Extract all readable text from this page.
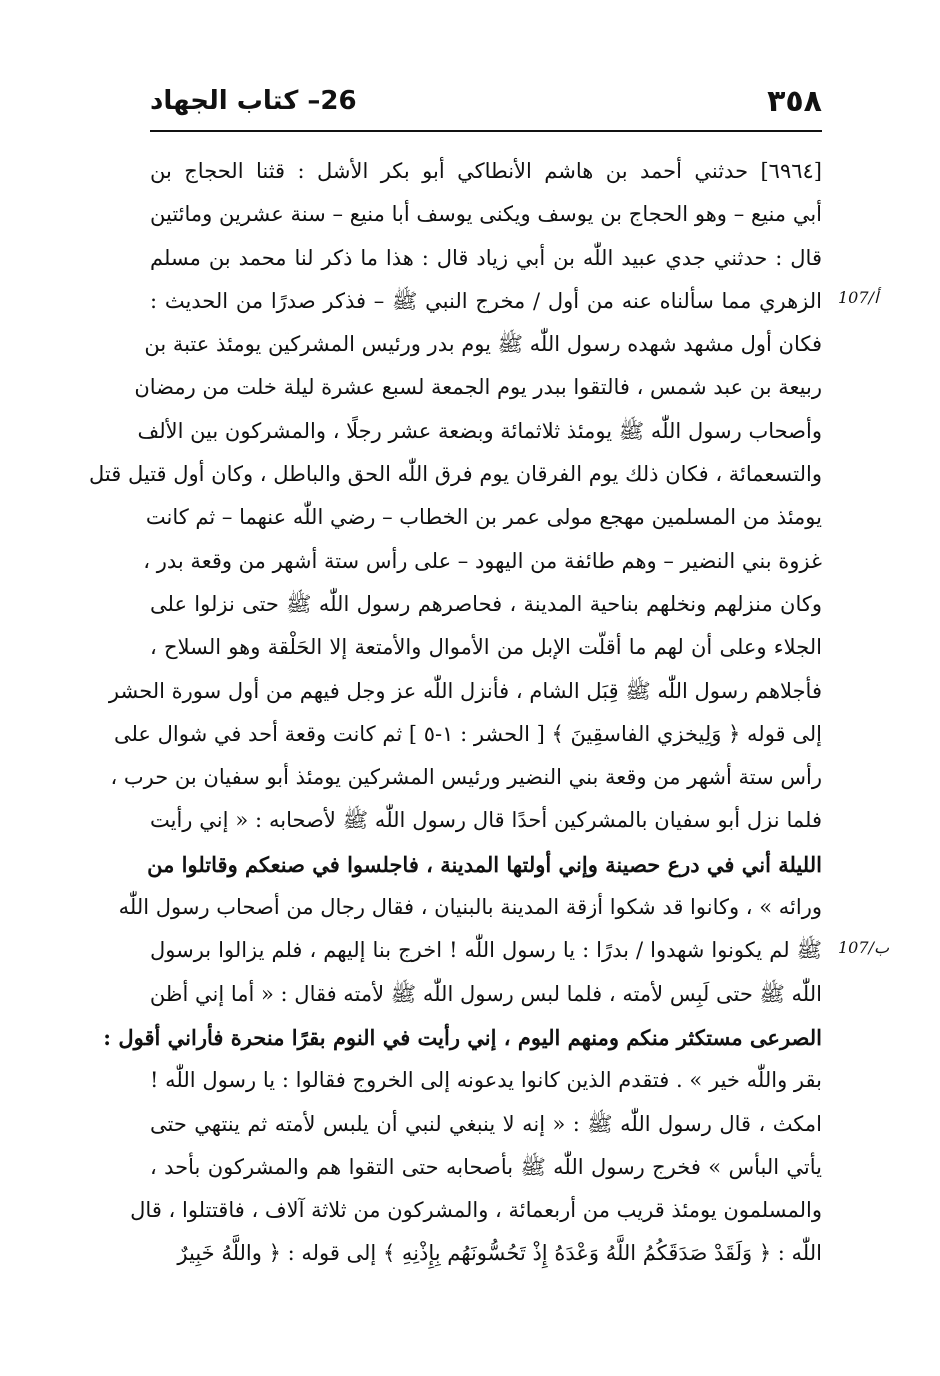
٣٥٨
26– كتاب الجهاد
107/أ
107/ب
[٦٩٦٤] حدثني أحمد بن هاشم الأنطاكي أبو بكر الأشل : قثنا الحجاج بن
أبي منيع – وهو الحجاج بن يوسف ويكنى يوسف أبا منيع – سنة عشرين ومائتين
قال : حدثني جدي عبيد اللّٰه بن أبي زياد قال : هذا ما ذكر لنا محمد بن مسلم
الزهري مما سألناه عنه من أول / مخرج النبي ﷺ – فذكر صدرًا من الحديث :
فكان أول مشهد شهده رسول اللّٰه ﷺ يوم بدر ورئيس المشركين يومئذ عتبة بن
ربيعة بن عبد شمس ، فالتقوا ببدر يوم الجمعة لسبع عشرة ليلة خلت من رمضان
وأصحاب رسول اللّٰه ﷺ يومئذ ثلاثمائة وبضعة عشر رجلًا ، والمشركون بين الألف
والتسعمائة ، فكان ذلك يوم الفرقان يوم فرق اللّٰه الحق والباطل ، وكان أول قتيل قتل
يومئذ من المسلمين مهجع مولى عمر بن الخطاب – رضي اللّٰه عنهما – ثم كانت
غزوة بني النضير – وهم طائفة من اليهود – على رأس ستة أشهر من وقعة بدر ،
وكان منزلهم ونخلهم بناحية المدينة ، فحاصرهم رسول اللّٰه ﷺ حتى نزلوا على
الجلاء وعلى أن لهم ما أقلّت الإبل من الأموال والأمتعة إلا الحَلْقة وهو السلاح ،
فأجلاهم رسول اللّٰه ﷺ قِبَل الشام ، فأنزل اللّٰه عز وجل فيهم من أول سورة الحشر
إلى قوله ﴿ وَلِيخزي الفاسقِينَ ﴾ [ الحشر : ١-٥ ] ثم كانت وقعة أحد في شوال على
رأس ستة أشهر من وقعة بني النضير ورئيس المشركين يومئذ أبو سفيان بن حرب ،
فلما نزل أبو سفيان بالمشركين أحدًا قال رسول اللّٰه ﷺ لأصحابه : « إني رأيت
الليلة أني في درع حصينة وإني أولتها المدينة ، فاجلسوا في صنعكم وقاتلوا من
ورائه » ، وكانوا قد شكوا أزقة المدينة بالبنيان ، فقال رجال من أصحاب رسول اللّٰه
ﷺ لم يكونوا شهدوا / بدرًا : يا رسول اللّٰه ! اخرج بنا إليهم ، فلم يزالوا برسول
اللّٰه ﷺ حتى لَبِس لأمته ، فلما لبس رسول اللّٰه ﷺ لأمته فقال : « أما إني أظن
الصرعى مستكثر منكم ومنهم اليوم ، إني رأيت في النوم بقرًا منحرة فأراني أقول :
بقر واللّٰه خير » . فتقدم الذين كانوا يدعونه إلى الخروج فقالوا : يا رسول اللّٰه !
امكث ، قال رسول اللّٰه ﷺ : « إنه لا ينبغي لنبي أن يلبس لأمته ثم ينتهي حتى
يأتي البأس » فخرج رسول اللّٰه ﷺ بأصحابه حتى التقوا هم والمشركون بأحد ،
والمسلمون يومئذ قريب من أربعمائة ، والمشركون من ثلاثة آلاف ، فاقتتلوا ، قال
اللّٰه : ﴿ وَلَقَدْ صَدَقَكُمُ اللَّهُ وَعْدَهُ إِذْ تَحُسُّونَهُم بِإِذْنِهِ ﴾ إلى قوله : ﴿ واللَّهُ خَبِيرٌ
